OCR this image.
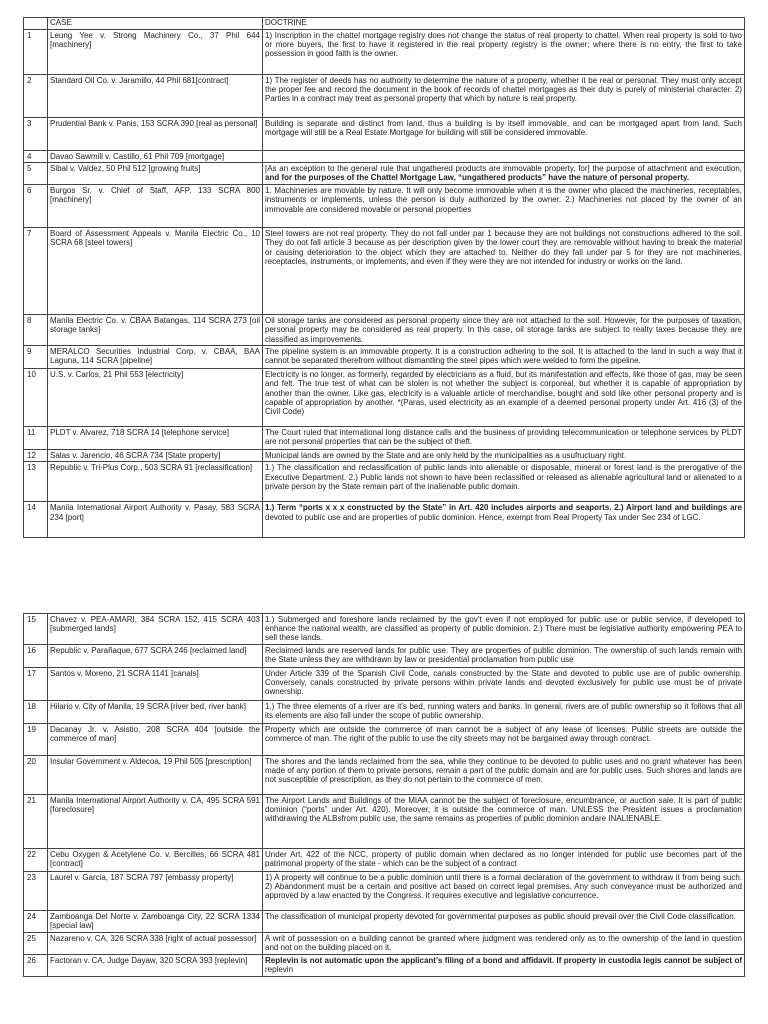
	CASE	DOCTRINE
1	Leung Yee v. Strong Machinery Co., 37 Phil 644 [machinery]	1) Inscription in the chattel mortgage registry does not change the status of real property to chattel. When real property is sold to two or more buyers, the first to have it registered in the real property registry is the owner; where there is no entry, the first to take possession in good faith is the owner.
2	Standard Oil Co. v. Jaramillo, 44 Phil 681[contract]	1) The register of deeds has no authority to determine the nature of a property, whether it be real or personal. They must only accept the proper fee and record the document in the book of records of chattel mortgages as their duty is purely of ministerial character. 2) Parties in a contract may treat as personal property that which by nature is real property.
3	Prudential Bank v. Panis, 153 SCRA 390 [real as personal]	Building is separate and distinct from land, thus a building is by itself immovable, and can be mortgaged apart from land. Such mortgage will still be a Real Estate Mortgage for building will still be considered immovable.
4	Davao Sawmill v. Castillo, 61 Phil 709 [mortgage]	
5	Sibal v. Valdez, 50 Phil 512 [growing fruits]	[As an exception to the general rule that ungathered products are immovable property, for] the purpose of attachment and execution, and for the purposes of the Chattel Mortgage Law, “ungathered products” have the nature of personal property.
6	Burgos Sr. v. Chief of Staff, AFP, 133 SCRA 800 [machinery]	1. Machineries are movable by nature. It will only become immovable when it is the owner who placed the machineries, receptables, instruments or implements, unless the person is duly authorized by the owner. 2.) Machineries not placed by the owner of an immovable are considered movable or personal properties
7	Board of Assessment Appeals v. Manila Electric Co., 10 SCRA 68 [steel towers]	Steel towers are not real property. They do not fall under par 1 because they are not buildings not constructions adhered to the soil. They do not fall article 3 because as per description given by the lower court they are removable without having to break the material or causing deterioration to the object which they are attached to. Neither do they fall under par 5 for they are not machineries, receptacles, instruments, or implements, and even if they were they are not intended for industry or works on the land.
8	Manila Electric Co. v. CBAA Batangas, 114 SCRA 273 [oil storage tanks]	Oil storage tanks are considered as personal property since they are not attached to the soil. However, for the purposes of taxation, personal property may be considered as real property. In this case, oil storage tanks are subject to realty taxes because they are classified as improvements.
9	MERALCO Securities Industrial Corp. v. CBAA, BAA Laguna, 114 SCRA [pipeline]	The pipeline system is an immovable property. It is a construction adhering to the soil. It is attached to the land in such a way that it cannot be separated therefrom without dismantling the steel pipes which were welded to form the pipeline.
10	U.S. v. Carlos, 21 Phil 553 [electricity]	Electricity is no longer, as formerly, regarded by electricians as a fluid, but its manifestation and effects, like those of gas, may be seen and felt. The true test of what can be stolen is not whether the subject is corporeal, but whether it is capable of appropriation by another than the owner. Like gas, electricity is a valuable article of merchandise, bought and sold like other personal property and is capable of appropriation by another. *(Paras, used electricity as an example of a deemed personal property under Art. 416 (3) of the Civil Code)
11	PLDT v. Alvarez, 718 SCRA 14 [telephone service]	The Court ruled that international long distance calls and the business of providing telecommunication or telephone services by PLDT are not personal properties that can be the subject of theft.
12	Salas v. Jarencio, 46 SCRA 734 [State property]	Municipal lands are owned by the State and are only held by the municipalities as a usufructuary right.
13	Republic v. Tri-Plus Corp., 503 SCRA 91 [reclassification]	1.) The classification and reclassification of public lands into alienable or disposable, mineral or forest land is the prerogative of the Executive Department. 2.) Public lands not shown to have been reclassified or released as alienable agricultural land or alienated to a private person by the State remain part of the inalienable public domain.
14	Manila International Airport Authority v. Pasay, 583 SCRA 234 [port]	1.) Term “ports x x x constructed by the State” in Art. 420 includes airports and seaports. 2.) Airport land and buildings are devoted to public use and are properties of public dominion. Hence, exempt from Real Property Tax under Sec 234 of LGC.
15	Chavez v. PEA-AMARI, 384 SCRA 152, 415 SCRA 403 [submerged lands]	1.) Submerged and foreshore lands reclaimed by the gov’t even if not employed for public use or public service, if developed to enhance the national wealth, are classified as property of public dominion. 2.) There must be legislative authority empowering PEA to sell these lands.
16	Republic v. Parañaque, 677 SCRA 246 [reclaimed land]	Reclaimed lands are reserved lands for public use. They are properties of public dominion. The ownership of such lands remain with the State unless they are withdrawn by law or presidential proclamation from public use
17	Santos v. Moreno, 21 SCRA 1141 [canals]	Under Article 339 of the Spanish Civil Code, canals constructed by the State and devoted to public use are of public ownership. Conversely, canals constructed by private persons within private lands and devoted exclusively for public use must be of private ownership.
18	Hilario v. City of Manila, 19 SCRA [river bed, river bank]	1.) The three elements of a river are it’s bed, running waters and banks. In general, rivers are of public ownership so it follows that all its elements are also fall under the scope of public ownership.
19	Dacanay Jr. v. Asistio, 208 SCRA 404 [outside the commerce of man]	Property which are outside the commerce of man cannot be a subject of any lease of licenses. Public streets are outside the commerce of man. The right of the public to use the city streets may not be bargained away through contract.
20	Insular Government v. Aldecoa, 19 Phil 505 [prescription]	The shores and the lands reclaimed from the sea, while they continue to be devoted to public uses and no grant whatever has been made of any portion of them to private persons, remain a part of the public domain and are for public uses. Such shores and lands are not susceptible of prescription, as they do not pertain to the commerce of men.
21	Manila International Airport Authority v. CA, 495 SCRA 591 [foreclosure]	The Airport Lands and Buildings of the MIAA cannot be the subject of foreclosure, encumbrance, or auction sale. It is part of public dominion (“ports” under Art. 420). Moreover, it is outside the commerce of man. UNLESS the President issues a proclamation withdrawing the ALBsfrom public use, the same remains as properties of public dominion andare INALIENABLE.
22	Cebu Oxygen & Acetylene Co. v. Bercilles, 66 SCRA 481 [contract]	Under Art. 422 of the NCC, property of public domain when declared as no longer intended for public use becomes part of the patrimonal property of the state - which can be the subject of a contract
23	Laurel v. Garcia, 187 SCRA 797 [embassy property]	1) A property will continue to be a public dominion until there is a formal declaration of the government to withdraw it from being such. 2) Abandonment must be a certain and positive act based on correct legal premises. Any such conveyance must be authorized and approved by a law enacted by the Congress. It requires executive and legislative concurrence.
24	Zamboanga Del Norte v. Zamboanga City, 22 SCRA 1334 [special law]	The classification of municipal property devoted for governmental purposes as public should prevail over the Civil Code classification.
25	Nazareno v. CA, 326 SCRA 338 [right of actual possessor]	A writ of possession on a building cannot be granted where judgment was rendered only as to the ownership of the land in question and not on the building placed on it.
26	Factoran v. CA, Judge Dayaw, 320 SCRA 393 [replevin]	Replevin is not automatic upon the applicant’s filing of a bond and affidavit. If property in custodia legis cannot be subject of replevin
